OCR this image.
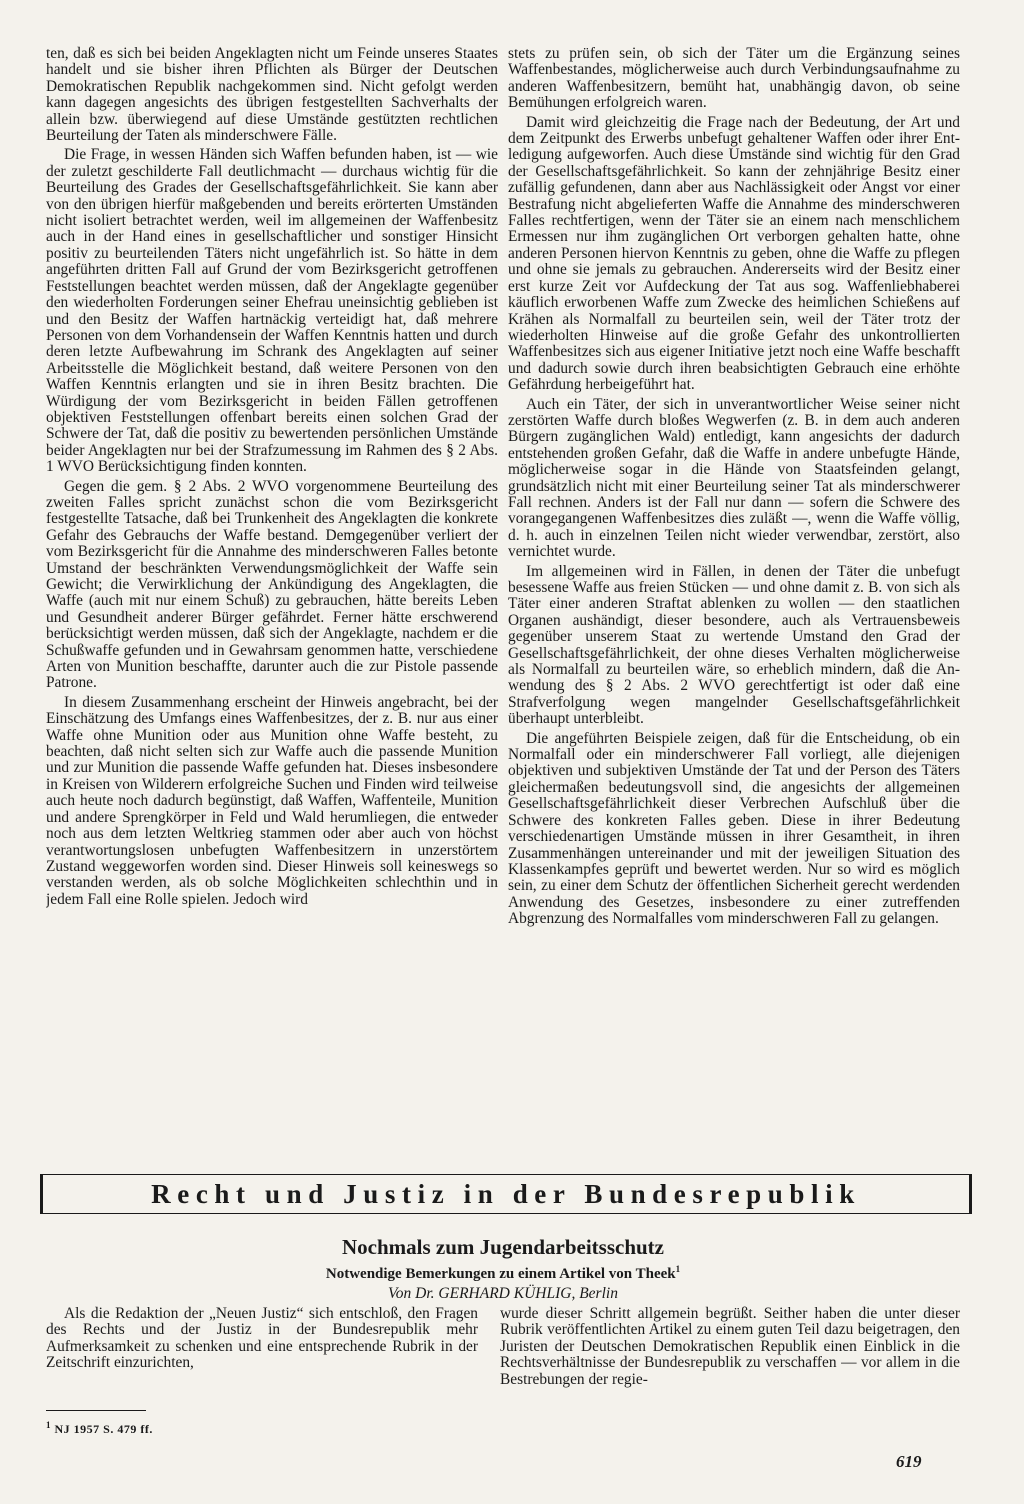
ten, daß es sich bei beiden Angeklagten nicht um Feinde unseres Staates handelt und sie bisher ihren Pflichten als Bürger der Deutschen Demokratischen Republik nachgekommen sind. Nicht gefolgt werden kann dagegen angesichts des übrigen festgestellten Sachverhalts der allein bzw. überwiegend auf diese Umstände gestützten rechtlichen Beurteilung der Taten als minderschwere Fälle.

Die Frage, in wessen Händen sich Waffen befunden haben, ist — wie der zuletzt geschilderte Fall deutlichmacht — durchaus wichtig für die Beurteilung des Grades der Gesellschaftsgefährlichkeit. Sie kann aber von den übrigen hierfür maßgebenden und bereits erörterten Umständen nicht isoliert betrachtet werden, weil im allgemeinen der Waffenbesitz auch in der Hand eines in gesellschaftlicher und sonstiger Hinsicht positiv zu beurteilenden Täters nicht ungefährlich ist. So hätte in dem angeführten dritten Fall auf Grund der vom Bezirksgericht getroffenen Feststellungen beachtet werden müssen, daß der Angeklagte gegenüber den wiederholten Forderungen seiner Ehefrau uneinsichtig geblieben ist und den Besitz der Waffen hartnäckig verteidigt hat, daß mehrere Personen von dem Vorhandensein der Waffen Kenntnis hatten und durch deren letzte Aufbewahrung im Schrank des Angeklagten auf seiner Arbeitsstelle die Möglichkeit bestand, daß weitere Personen von den Waffen Kenntnis erlangten und sie in ihren Besitz brachten. Die Würdigung der vom Bezirksgericht in beiden Fällen getroffenen objektiven Feststellungen offenbart bereits einen solchen Grad der Schwere der Tat, daß die positiv zu bewertenden persönlichen Umstände beider Angeklagten nur bei der Strafzumessung im Rahmen des § 2 Abs. 1 WVO Berücksichtigung finden konnten.

Gegen die gem. § 2 Abs. 2 WVO vorgenommene Beurteilung des zweiten Falles spricht zunächst schon die vom Bezirksgericht festgestellte Tatsache, daß bei Trunkenheit des Angeklagten die konkrete Gefahr des Gebrauchs der Waffe bestand. Demgegenüber verliert der vom Bezirksgericht für die Annahme des minderschweren Falles betonte Umstand der beschränkten Verwendungsmöglichkeit der Waffe sein Gewicht; die Verwirklichung der Ankündigung des Angeklagten, die Waffe (auch mit nur einem Schuß) zu gebrauchen, hätte bereits Leben und Gesundheit anderer Bürger gefährdet. Ferner hätte erschwerend berücksichtigt werden müssen, daß sich der Angeklagte, nachdem er die Schußwaffe gefunden und in Gewahrsam genommen hatte, verschiedene Arten von Munition beschaffte, darunter auch die zur Pistole passende Patrone.

In diesem Zusammenhang erscheint der Hinweis angebracht, bei der Einschätzung des Umfangs eines Waffenbesitzes, der z. B. nur aus einer Waffe ohne Munition oder aus Munition ohne Waffe besteht, zu beachten, daß nicht selten sich zur Waffe auch die passende Munition und zur Munition die passende Waffe gefunden hat. Dieses insbesondere in Kreisen von Wilderern erfolgreiche Suchen und Finden wird teilweise auch heute noch dadurch begünstigt, daß Waffen, Waffenteile, Munition und andere Sprengkörper in Feld und Wald herumliegen, die entweder noch aus dem letzten Weltkrieg stammen oder aber auch von höchst verantwortungslosen unbefugten Waffenbesitzern in unzerstörtem Zustand weggeworfen worden sind. Dieser Hinweis soll keineswegs so verstanden werden, als ob solche Möglichkeiten schlechthin und in jedem Fall eine Rolle spielen. Jedoch wird

stets zu prüfen sein, ob sich der Täter um die Ergänzung seines Waffenbestandes, möglicherweise auch durch Verbindungsaufnahme zu anderen Waffenbesitzern, bemüht hat, unabhängig davon, ob seine Bemühungen erfolgreich waren.

Damit wird gleichzeitig die Frage nach der Bedeutung, der Art und dem Zeitpunkt des Erwerbs unbefugt gehaltener Waffen oder ihrer Entledigung aufgeworfen. Auch diese Umstände sind wichtig für den Grad der Gesellschaftsgefährlichkeit. So kann der zehnjährige Besitz einer zufällig gefundenen, dann aber aus Nachlässigkeit oder Angst vor einer Bestrafung nicht abgelieferten Waffe die Annahme des minderschweren Falles rechtfertigen, wenn der Täter sie an einem nach menschlichem Ermessen nur ihm zugänglichen Ort verborgen gehalten hatte, ohne anderen Personen hiervon Kenntnis zu geben, ohne die Waffe zu pflegen und ohne sie jemals zu gebrauchen. Andererseits wird der Besitz einer erst kurze Zeit vor Aufdeckung der Tat aus sog. Waffenliebhaberei käuflich erworbenen Waffe zum Zwecke des heimlichen Schießens auf Krähen als Normalfall zu beurteilen sein, weil der Täter trotz der wiederholten Hinweise auf die große Gefahr des unkontrollierten Waffenbesitzes sich aus eigener Initiative jetzt noch eine Waffe beschafft und dadurch sowie durch ihren beabsichtigten Gebrauch eine erhöhte Gefährdung herbeigeführt hat.

Auch ein Täter, der sich in unverantwortlicher Weise seiner nicht zerstörten Waffe durch bloßes Wegwerfen (z. B. in dem auch anderen Bürgern zugänglichen Wald) entledigt, kann angesichts der dadurch entstehenden großen Gefahr, daß die Waffe in andere unbefugte Hände, möglicherweise sogar in die Hände von Staatsfeinden gelangt, grundsätzlich nicht mit einer Beurteilung seiner Tat als minderschwerer Fall rechnen. Anders ist der Fall nur dann — sofern die Schwere des vorangegangenen Waffenbesitzes dies zuläßt —, wenn die Waffe völlig, d. h. auch in einzelnen Teilen nicht wieder verwendbar, zerstört, also vernichtet wurde.

Im allgemeinen wird in Fällen, in denen der Täter die unbefugt besessene Waffe aus freien Stücken — und ohne damit z. B. von sich als Täter einer anderen Straftat ablenken zu wollen — den staatlichen Organen aushändigt, dieser besondere, auch als Vertrauensbeweis gegenüber unserem Staat zu wertende Umstand den Grad der Gesellschaftsgefährlichkeit, der ohne dieses Verhalten möglicherweise als Normalfall zu beurteilen wäre, so erheblich mindern, daß die Anwendung des § 2 Abs. 2 WVO gerechtfertigt ist oder daß eine Strafverfolgung wegen mangelnder Gesellschaftsgefährlichkeit überhaupt unterbleibt.

Die angeführten Beispiele zeigen, daß für die Entscheidung, ob ein Normalfall oder ein minderschwerer Fall vorliegt, alle diejenigen objektiven und subjektiven Umstände der Tat und der Person des Täters gleichermaßen bedeutungsvoll sind, die angesichts der allgemeinen Gesellschaftsgefährlichkeit dieser Verbrechen Aufschluß über die Schwere des konkreten Falles geben. Diese in ihrer Bedeutung verschiedenartigen Umstände müssen in ihrer Gesamtheit, in ihren Zusammenhängen untereinander und mit der jeweiligen Situation des Klassenkampfes geprüft und bewertet werden. Nur so wird es möglich sein, zu einer dem Schutz der öffentlichen Sicherheit gerecht werdenden Anwendung des Gesetzes, insbesondere zu einer zutreffenden Abgrenzung des Normalfalles vom minderschweren Fall zu gelangen.

Recht und Justiz in der Bundesrepublik
Nochmals zum Jugendarbeitsschutz
Notwendige Bemerkungen zu einem Artikel von Theek$^1$
Von Dr. GERHARD KÜHLIG, Berlin

Als die Redaktion der „Neuen Justiz“ sich entschloß, den Fragen des Rechts und der Justiz in der Bundesrepublik mehr Aufmerksamkeit zu schenken und eine entsprechende Rubrik in der Zeitschrift einzurichten,

wurde dieser Schritt allgemein begrüßt. Seither haben die unter dieser Rubrik veröffentlichten Artikel zu einem guten Teil dazu beigetragen, den Juristen der Deutschen Demokratischen Republik einen Einblick in die Rechtsverhältnisse der Bundesrepublik zu verschaffen — vor allem in die Bestrebungen der regie-

$^1$ NJ 1957 S. 479 ff.
619
